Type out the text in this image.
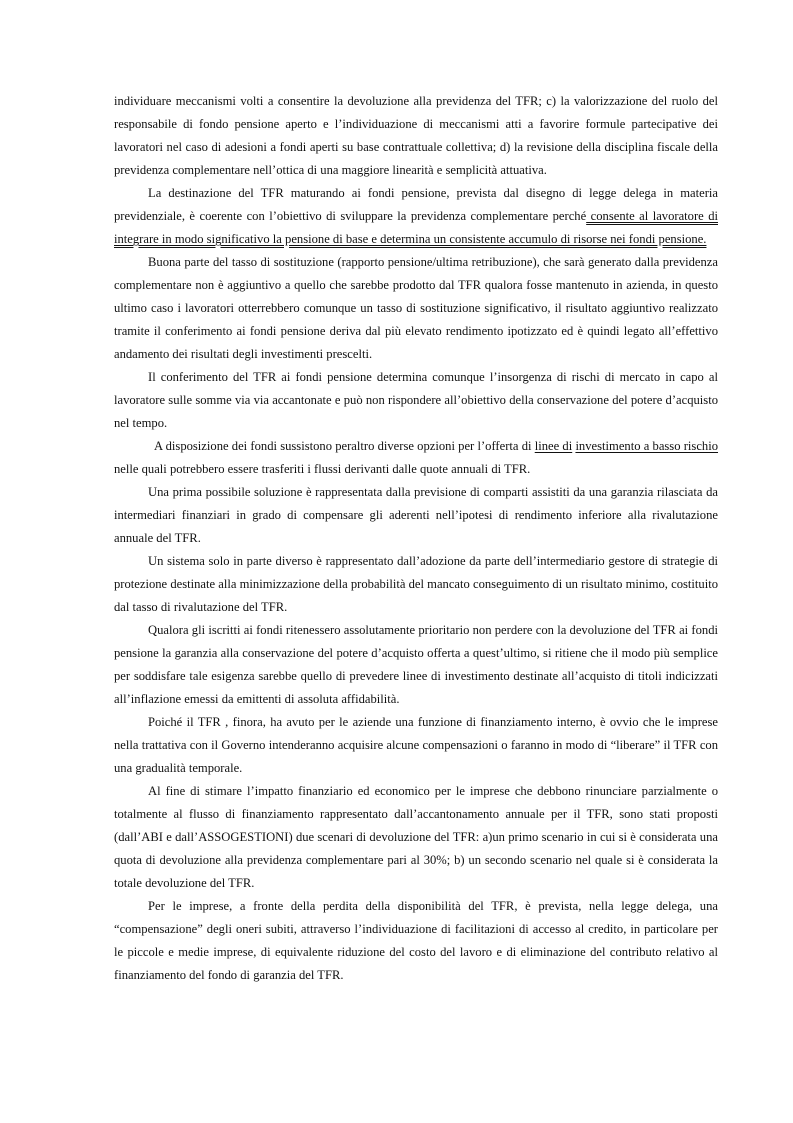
individuare meccanismi volti a consentire la devoluzione alla previdenza del TFR; c) la valorizzazione del ruolo del responsabile di fondo pensione aperto e l’individuazione di meccanismi atti a favorire formule partecipative dei lavoratori nel caso di adesioni a fondi aperti su base contrattuale collettiva; d) la revisione della disciplina fiscale della previdenza complementare nell’ottica di una maggiore linearità e semplicità attuativa.

La destinazione del TFR maturando ai fondi pensione, prevista dal disegno di legge delega in materia previdenziale, è coerente con l’obiettivo di sviluppare la previdenza complementare perché consente al lavoratore di integrare in modo significativo la pensione di base e determina un consistente accumulo di risorse nei fondi pensione.

Buona parte del tasso di sostituzione (rapporto pensione/ultima retribuzione), che sarà generato dalla previdenza complementare non è aggiuntivo a quello che sarebbe prodotto dal TFR qualora fosse mantenuto in azienda, in questo ultimo caso i lavoratori otterrebbero comunque un tasso di sostituzione significativo, il risultato aggiuntivo realizzato tramite il conferimento ai fondi pensione deriva dal più elevato rendimento ipotizzato ed è quindi legato all’effettivo andamento dei risultati degli investimenti prescelti.

Il conferimento del TFR ai fondi pensione determina comunque l’insorgenza di rischi di mercato in capo al lavoratore sulle somme via via accantonate e può non rispondere all’obiettivo della conservazione del potere d’acquisto nel tempo.

A disposizione dei fondi sussistono peraltro diverse opzioni per l’offerta di linee di investimento a basso rischio nelle quali potrebbero essere trasferiti i flussi derivanti dalle quote annuali di TFR.

Una prima possibile soluzione è rappresentata dalla previsione di comparti assistiti da una garanzia rilasciata da intermediari finanziari in grado di compensare gli aderenti nell’ipotesi di rendimento inferiore alla rivalutazione annuale del TFR.

Un sistema solo in parte diverso è rappresentato dall’adozione da parte dell’intermediario gestore di strategie di protezione destinate alla minimizzazione della probabilità del mancato conseguimento di un risultato minimo, costituito dal tasso di rivalutazione del TFR.

Qualora gli iscritti ai fondi ritenessero assolutamente prioritario non perdere con la devoluzione del TFR ai fondi pensione la garanzia alla conservazione del potere d’acquisto offerta a quest’ultimo, si ritiene che il modo più semplice per soddisfare tale esigenza sarebbe quello di prevedere linee di investimento destinate all’acquisto di titoli indicizzati all’inflazione emessi da emittenti di assoluta affidabilità.

Poiché il TFR , finora, ha avuto per le aziende una funzione di finanziamento interno, è ovvio che le imprese nella trattativa con il Governo intenderanno acquisire alcune compensazioni o faranno in modo di “liberare” il TFR con una gradualità temporale.

Al fine di stimare l’impatto finanziario ed economico per le imprese che debbono rinunciare parzialmente o totalmente al flusso di finanziamento rappresentato dall’accantonamento annuale per il TFR, sono stati proposti (dall’ABI e dall’ASSOGESTIONI) due scenari di devoluzione del TFR: a)un primo scenario in cui si è considerata una quota di devoluzione alla previdenza complementare pari al 30%; b) un secondo scenario nel quale si è considerata la totale devoluzione del TFR.

Per le imprese, a fronte della perdita della disponibilità del TFR, è prevista, nella legge delega, una “compensazione” degli oneri subiti, attraverso l’individuazione di facilitazioni di accesso al credito, in particolare per le piccole e medie imprese, di equivalente riduzione del costo del lavoro e di eliminazione del contributo relativo al finanziamento del fondo di garanzia del TFR.
